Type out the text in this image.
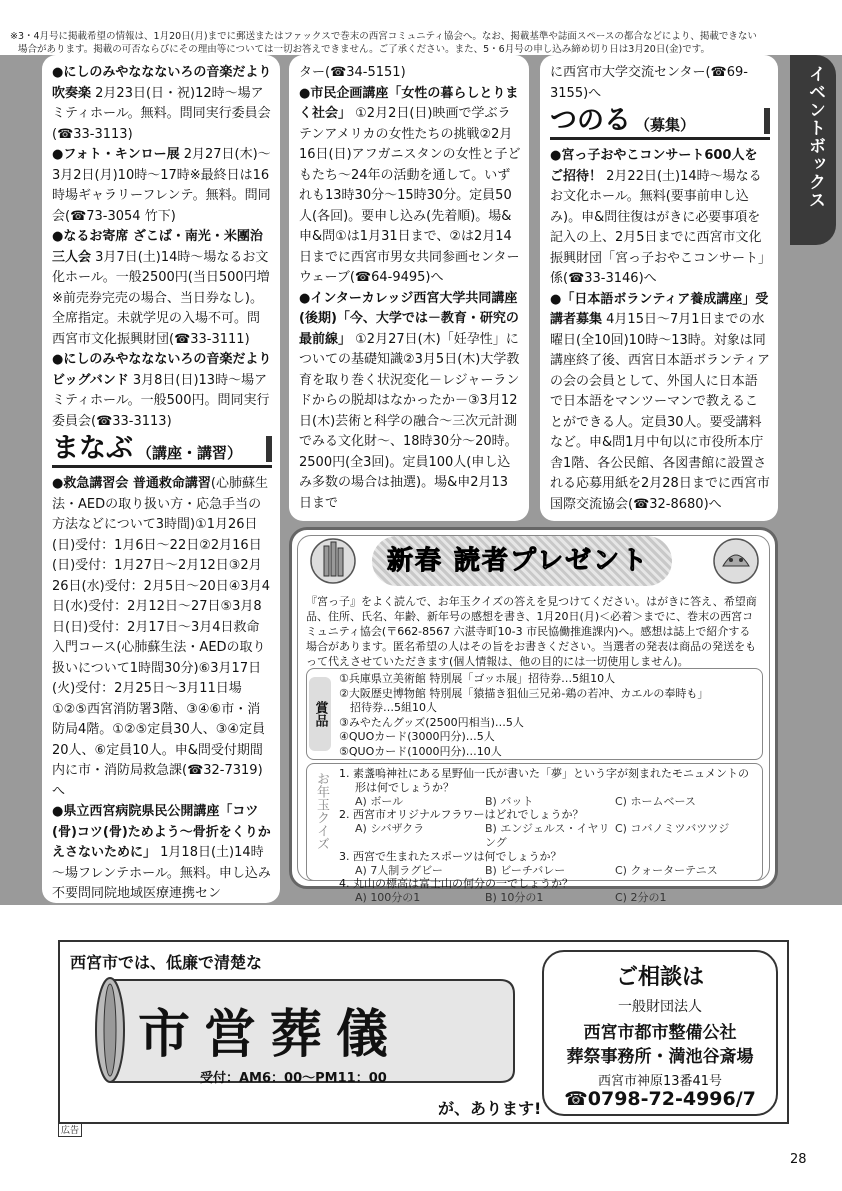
※3・4月号に掲載希望の情報は、1月20日(月)までに郵送またはファックスで巻末の西宮コミュニティ協会へ。なお、掲載基準や誌面スペースの都合などにより、掲載できない
場合があります。掲載の可否ならびにその理由等については一切お答えできません。ご了承ください。また、5・6月号の申し込み締め切り日は3月20日(金)です。
イベントボックス

●にしのみやななないろの音楽だより吹奏楽 2月23日(日・祝)12時～場アミティホール。無料。問同実行委員会(☎33-3113)

●フォト・キンロー展 2月27日(木)～3月2日(月)10時～17時※最終日は16時場ギャラリーフレンテ。無料。問同会(☎73-3054 竹下)

●なるお寄席 ざこば・南光・米團治三人会 3月7日(土)14時～場なるお文化ホール。一般2500円(当日500円増※前売券完売の場合、当日券なし)。全席指定。未就学児の入場不可。問西宮市文化振興財団(☎33-3111)

●にしのみやななないろの音楽だよりビッグバンド 3月8日(日)13時～場アミティホール。一般500円。問同実行委員会(☎33-3113)

まなぶ （講座・講習）

●救急講習会 普通救命講習(心肺蘇生法・AEDの取り扱い方・応急手当の方法などについて3時間)①1月26日(日)受付：1月6日～22日②2月16日(日)受付：1月27日～2月12日③2月26日(水)受付：2月5日～20日④3月4日(水)受付：2月12日～27日⑤3月8日(日)受付：2月17日～3月4日救命入門コース(心肺蘇生法・AEDの取り扱いについて1時間30分)⑥3月17日(火)受付：2月25日～3月11日場①②⑤西宮消防署3階、③④⑥市・消防局4階。①②⑤定員30人、③④定員20人、⑥定員10人。申&問受付期間内に市・消防局救急課(☎32-7319)へ

●県立西宮病院県民公開講座「コツ(骨)コツ(骨)ためよう～骨折をくりかえさないために」 1月18日(土)14時～場フレンテホール。無料。申し込み不要問同院地域医療連携セン

ター(☎34-5151)

●市民企画講座「女性の暮らしとりまく社会」 ①2月2日(日)映画で学ぶラテンアメリカの女性たちの挑戦②2月16日(日)アフガニスタンの女性と子どもたち～24年の活動を通して。いずれも13時30分～15時30分。定員50人(各回)。要申し込み(先着順)。場&申&問①は1月31日まで、②は2月14日までに西宮市男女共同参画センターウェーブ(☎64-9495)へ

●インターカレッジ西宮大学共同講座(後期)「今、大学では－教育・研究の最前線」 ①2月27日(木)「妊孕性」についての基礎知識②3月5日(木)大学教育を取り巻く状況変化－レジャーランドからの脱却はなかったか－③3月12日(木)芸術と科学の融合～三次元計測でみる文化財～、18時30分～20時。2500円(全3回)。定員100人(申し込み多数の場合は抽選)。場&申2月13日まで

に西宮市大学交流センター(☎69-3155)へ

つのる （募集）

●宮っ子おやこコンサート600人をご招待！ 2月22日(土)14時～場なるお文化ホール。無料(要事前申し込み)。申&問往復はがきに必要事項を記入の上、2月5日までに西宮市文化振興財団「宮っ子おやこコンサート」係(☎33-3146)へ

●「日本語ボランティア養成講座」受講者募集 4月15日～7月1日までの水曜日(全10回)10時～13時。対象は同講座終了後、西宮日本語ボランティアの会の会員として、外国人に日本語で日本語をマンツーマンで教えることができる人。定員30人。要受講料など。申&問1月中旬以に市役所本庁舎1階、各公民館、各図書館に設置される応募用紙を2月28日までに西宮市国際交流協会(☎32-8680)へ

新春 読者プレゼント
『宮っ子』をよく読んで、お年玉クイズの答えを見つけてください。はがきに答え、希望商品、住所、氏名、年齢、新年号の感想を書き、1月20日(月)＜必着＞までに、巻末の西宮コミュニティ協会(〒662-8567 六湛寺町10-3 市民協働推進課内)へ。感想は誌上で紹介する場合があります。匿名希望の人はその旨をお書きください。当選者の発表は商品の発送をもって代えさせていただきます(個人情報は、他の目的には一切使用しません)。
賞品
①兵庫県立美術館 特別展「ゴッホ展」招待券…5組10人
②大阪歴史博物館 特別展「猿描き狙仙三兄弟-鶏の若冲、カエルの奉時も」
　招待券…5組10人
③みやたんグッズ(2500円相当)…5人
④QUOカード(3000円分)…5人
⑤QUOカード(1000円分)…10人
お年玉クイズ 1. 素盞嗚神社にある星野仙一氏が書いた「夢」という字が刻まれたモニュメントの
形は何でしょうか？
A) ボール	B) バット	C) ホームベース
2. 西宮市オリジナルフラワーはどれでしょうか？
A) シバザクラ	B) エンジェルス・イヤリング
C) コバノミツバツツジ
3. 西宮で生まれたスポーツは何でしょうか？
A) 7人制ラグビー	B) ビーチバレー	C) クォーターテニス
4. 丸山の標高は富士山の何分の一でしょうか？
A) 100分の1	B) 10分の1	C) 2分の1
西宮市では、低廉で清楚な
市営葬儀
受付：AM6：00～PM11：00
が、あります!
ご相談は
一般財団法人
西宮市都市整備公社
葬祭事務所・満池谷斎場
西宮市神原13番41号
☎0798-72-4996/7
広告
28
